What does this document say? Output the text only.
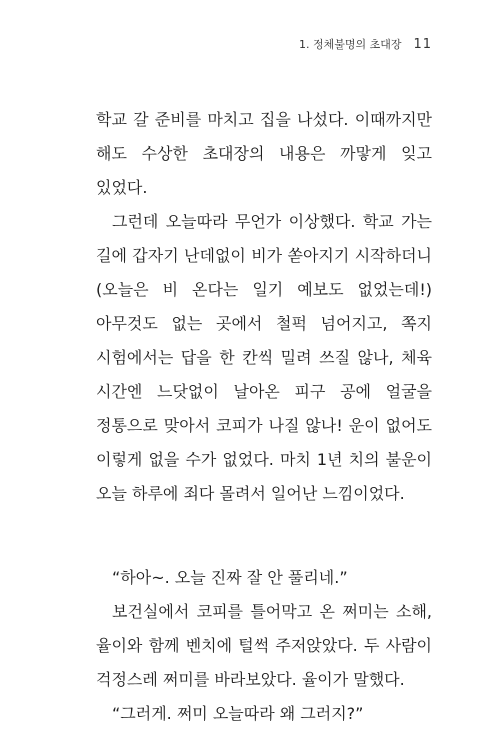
1. 정체불명의 초대장 11

학교 갈 준비를 마치고 집을 나섰다. 이때까지만 해도 수상한 초대장의 내용은 까맣게 잊고 있었다.

그런데 오늘따라 무언가 이상했다. 학교 가는 길에 갑자기 난데없이 비가 쏟아지기 시작하더니 (오늘은 비 온다는 일기 예보도 없었는데!) 아무것도 없는 곳에서 철퍽 넘어지고, 쪽지 시험에서는 답을 한 칸씩 밀려 쓰질 않나, 체육 시간엔 느닷없이 날아온 피구 공에 얼굴을 정통으로 맞아서 코피가 나질 않나! 운이 없어도 이렇게 없을 수가 없었다. 마치 1년 치의 불운이 오늘 하루에 죄다 몰려서 일어난 느낌이었다.

“하아~. 오늘 진짜 잘 안 풀리네.”

보건실에서 코피를 틀어막고 온 쩌미는 소해, 율이와 함께 벤치에 털썩 주저앉았다. 두 사람이 걱정스레 쩌미를 바라보았다. 율이가 말했다.

“그러게. 쩌미 오늘따라 왜 그러지?”
